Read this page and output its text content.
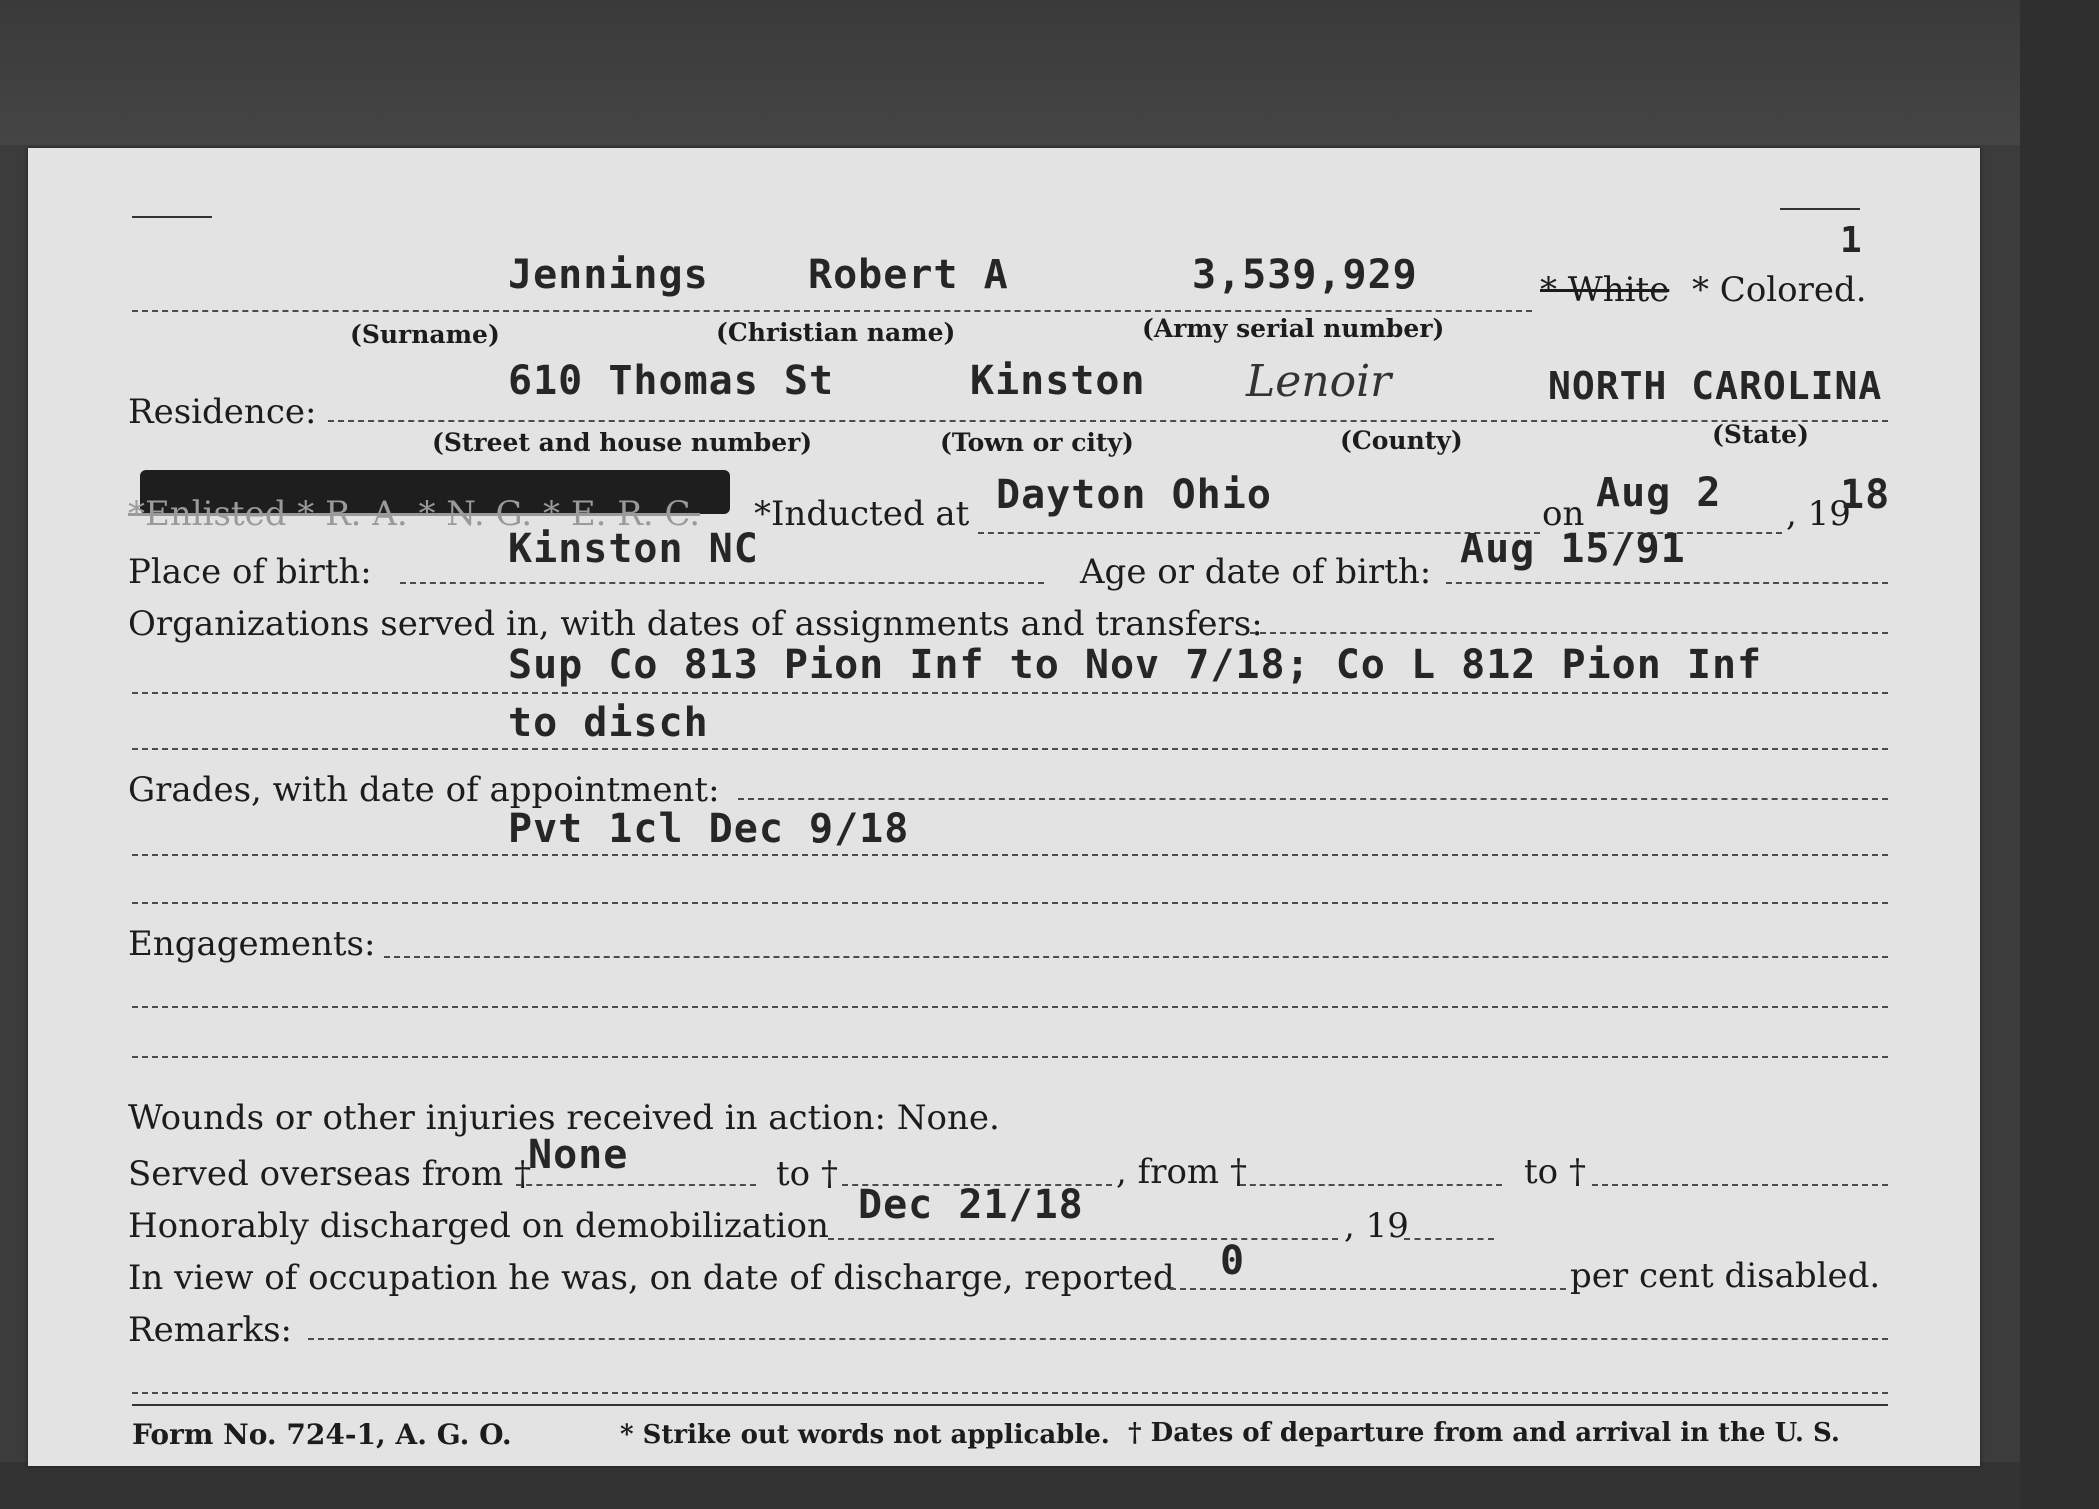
1
Jennings Robert A	3,539,929	* White * Colored.
(Surname)	(Christian name)	(Army serial number)
Residence:
610 Thomas St	Kinston Lenoir	NORTH CAROLINA
(Street and house number)	(Town or city)	(County)	(State)
*Enlisted * R. A. * N. G. * E. R. C. *Inducted at Dayton Ohio	on Aug 2 , 19
18
Place of birth:	Kinston NC	Age or date of birth: Aug 15/91
Organizations served in, with dates of assignments and transfers:
Sup Co 813 Pion Inf to Nov 7/18; Co L 812 Pion Inf
to disch
Grades, with date of appointment:
Pvt 1cl Dec 9/18
Engagements:
Wounds or other injuries received in action: None.
Served overseas from †
None	to †	, from †	to †
Honorably discharged on demobilization Dec 21/18	, 19
In view of occupation he was, on date of discharge, reported 0	per cent disabled.
Remarks:
Form No. 724-1, A. G. O.	* Strike out words not applicable. † Dates of departure from and arrival in the U. S.
